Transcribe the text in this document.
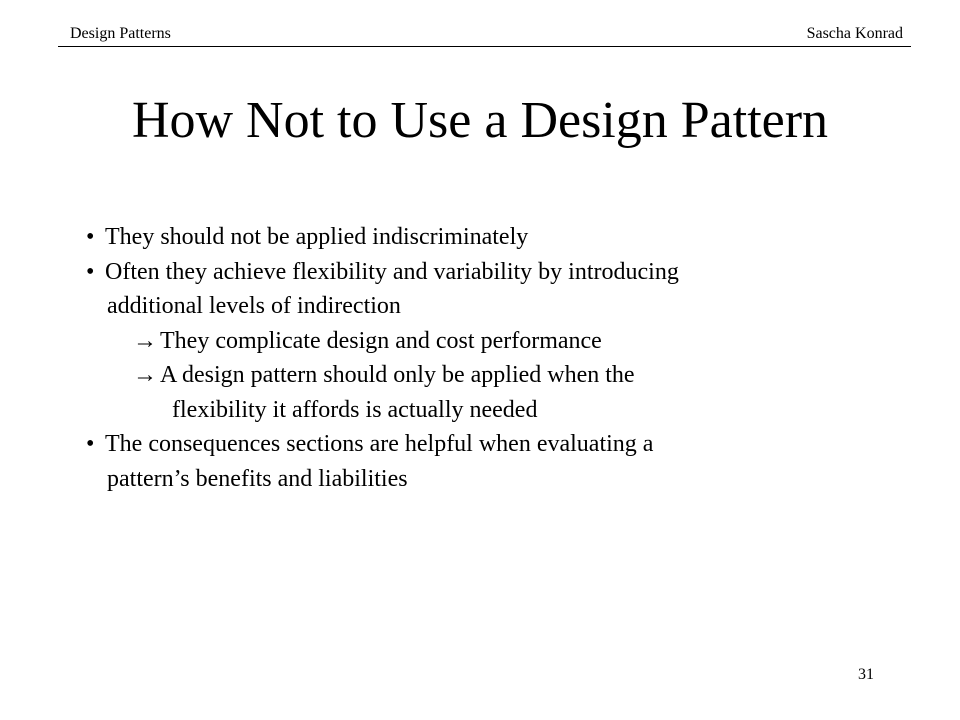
Design Patterns	Sascha Konrad
How Not to Use a Design Pattern
• They should not be applied indiscriminately
• Often they achieve flexibility and variability by introducing
additional levels of indirection
→ They complicate design and cost performance
→ A design pattern should only be applied when the
flexibility it affords is actually needed
• The consequences sections are helpful when evaluating a
pattern’s benefits and liabilities
31
